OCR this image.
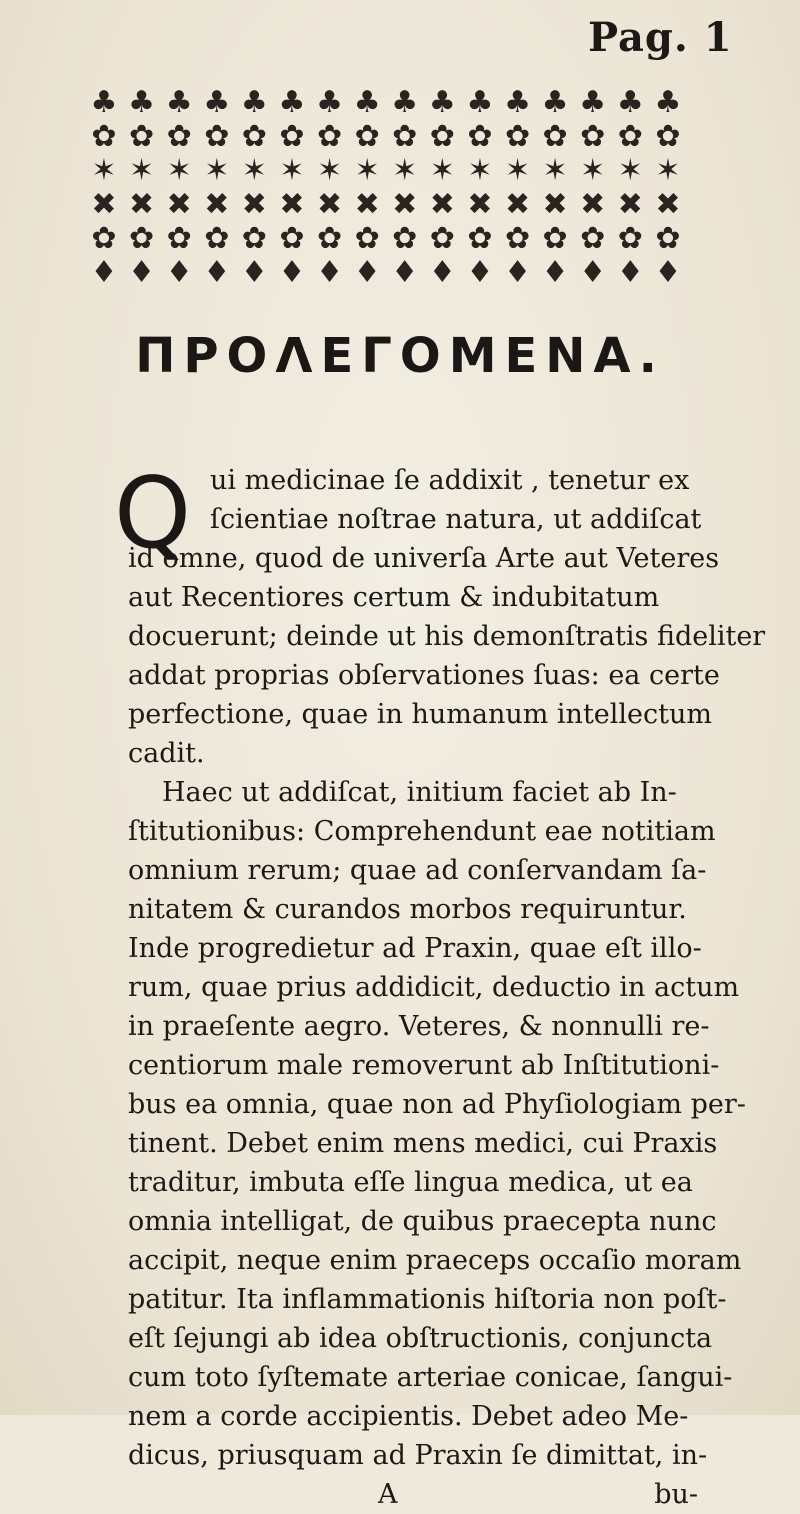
Pag. 1
♣ ♣ ♣ ♣ ♣ ♣ ♣ ♣ ♣ ♣ ♣ ♣ ♣ ♣ ♣ ♣
✿ ✿ ✿ ✿ ✿ ✿ ✿ ✿ ✿ ✿ ✿ ✿ ✿ ✿ ✿ ✿
✶ ✶ ✶ ✶ ✶ ✶ ✶ ✶ ✶ ✶ ✶ ✶ ✶ ✶ ✶ ✶
✖ ✖ ✖ ✖ ✖ ✖ ✖ ✖ ✖ ✖ ✖ ✖ ✖ ✖ ✖ ✖
✿ ✿ ✿ ✿ ✿ ✿ ✿ ✿ ✿ ✿ ✿ ✿ ✿ ✿ ✿ ✿
♦ ♦ ♦ ♦ ♦ ♦ ♦ ♦ ♦ ♦ ♦ ♦ ♦ ♦ ♦ ♦
ΠΡΟΛΕΓΟΜΕΝΑ.
Q ui medicinae ſe addixit , tenetur ex
ſcientiae noſtrae natura, ut addiſcat
id omne, quod de univerſa Arte aut Veteres
aut Recentiores certum & indubitatum
docuerunt; deinde ut his demonſtratis fideliter
addat proprias obſervationes ſuas: ea certe
perfectione, quae in humanum intellectum
cadit.
Haec ut addiſcat, initium faciet ab In-
ſtitutionibus: Comprehendunt eae notitiam
omnium rerum; quae ad conſervandam ſa-
nitatem & curandos morbos requiruntur.
Inde progredietur ad Praxin, quae eſt illo-
rum, quae prius addidicit, deductio in actum
in praeſente aegro. Veteres, & nonnulli re-
centiorum male removerunt ab Inſtitutioni-
bus ea omnia, quae non ad Phyſiologiam per-
tinent. Debet enim mens medici, cui Praxis
traditur, imbuta eſſe lingua medica, ut ea
omnia intelligat, de quibus praecepta nunc
accipit, neque enim praeceps occaſio moram
patitur. Ita inflammationis hiſtoria non poſt-
eſt ſejungi ab idea obſtructionis, conjuncta
cum toto ſyſtemate arteriae conicae, ſangui-
nem a corde accipientis. Debet adeo Me-
dicus, priusquam ad Praxin ſe dimittat, in-
A	bu-
